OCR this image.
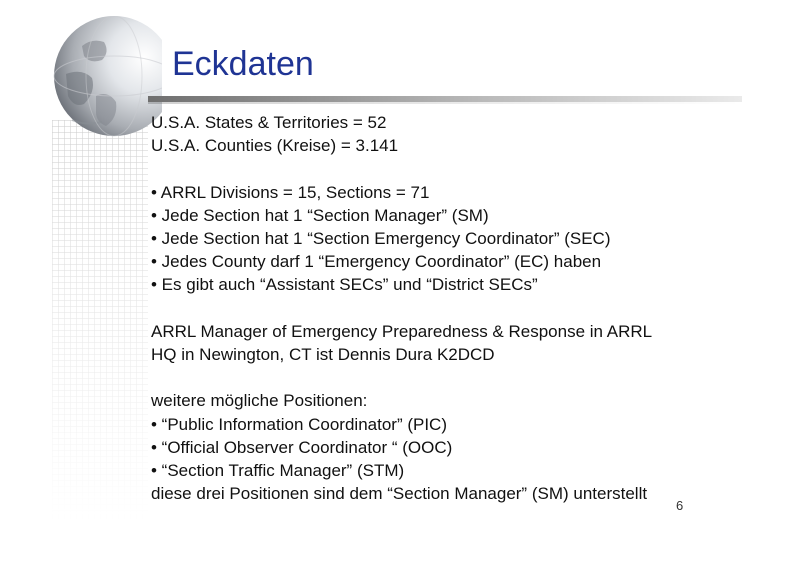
Eckdaten
U.S.A. States & Territories = 52
U.S.A. Counties (Kreise) = 3.141
• ARRL Divisions = 15, Sections = 71
• Jede Section hat 1 “Section Manager” (SM)
• Jede Section hat 1 “Section Emergency Coordinator” (SEC)
• Jedes County darf 1 “Emergency Coordinator” (EC) haben
• Es gibt auch “Assistant SECs” und “District SECs”
ARRL Manager of Emergency Preparedness & Response in ARRL
HQ in Newington, CT ist Dennis Dura K2DCD
weitere mögliche Positionen:
• “Public Information Coordinator” (PIC)
• “Official Observer Coordinator “ (OOC)
• “Section Traffic Manager” (STM)
diese drei Positionen sind dem “Section Manager” (SM) unterstellt
6
